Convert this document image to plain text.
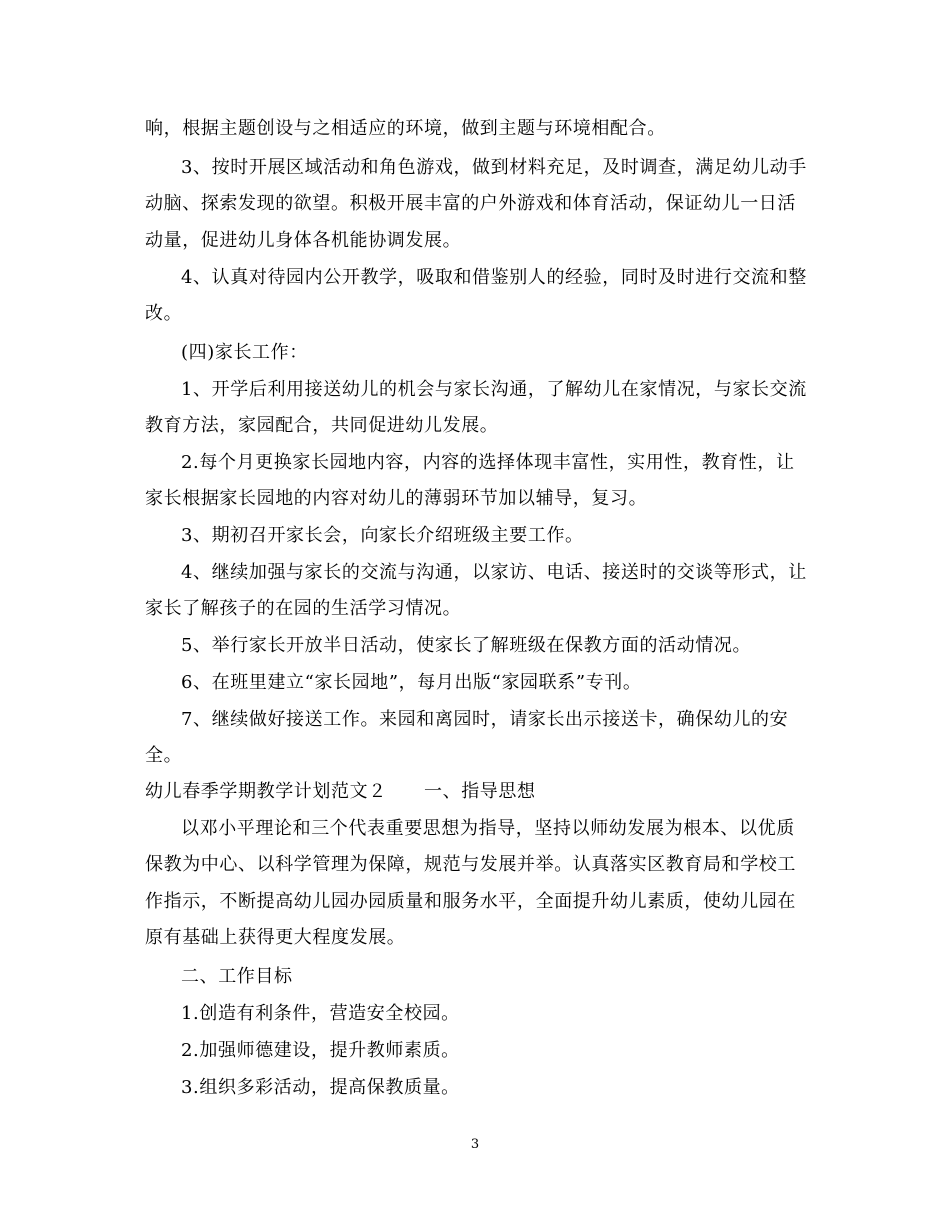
响，根据主题创设与之相适应的环境，做到主题与环境相配合。
3、按时开展区域活动和角色游戏，做到材料充足，及时调查，满足幼儿动手
动脑、探索发现的欲望。积极开展丰富的户外游戏和体育活动，保证幼儿一日活
动量，促进幼儿身体各机能协调发展。
4、认真对待园内公开教学，吸取和借鉴别人的经验，同时及时进行交流和整
改。
(四)家长工作：
1、开学后利用接送幼儿的机会与家长沟通，了解幼儿在家情况，与家长交流
教育方法，家园配合，共同促进幼儿发展。
2.每个月更换家长园地内容，内容的选择体现丰富性，实用性，教育性，让
家长根据家长园地的内容对幼儿的薄弱环节加以辅导，复习。
3、期初召开家长会，向家长介绍班级主要工作。
4、继续加强与家长的交流与沟通，以家访、电话、接送时的交谈等形式，让
家长了解孩子的在园的生活学习情况。
5、举行家长开放半日活动，使家长了解班级在保教方面的活动情况。
6、在班里建立“家长园地”，每月出版“家园联系”专刊。
7、继续做好接送工作。来园和离园时，请家长出示接送卡，确保幼儿的安
全。
幼儿春季学期教学计划范文２　　一、指导思想
以邓小平理论和三个代表重要思想为指导，坚持以师幼发展为根本、以优质
保教为中心、以科学管理为保障，规范与发展并举。认真落实区教育局和学校工
作指示，不断提高幼儿园办园质量和服务水平，全面提升幼儿素质，使幼儿园在
原有基础上获得更大程度发展。
二、工作目标
1.创造有利条件，营造安全校园。
2.加强师德建设，提升教师素质。
3.组织多彩活动，提高保教质量。
3
